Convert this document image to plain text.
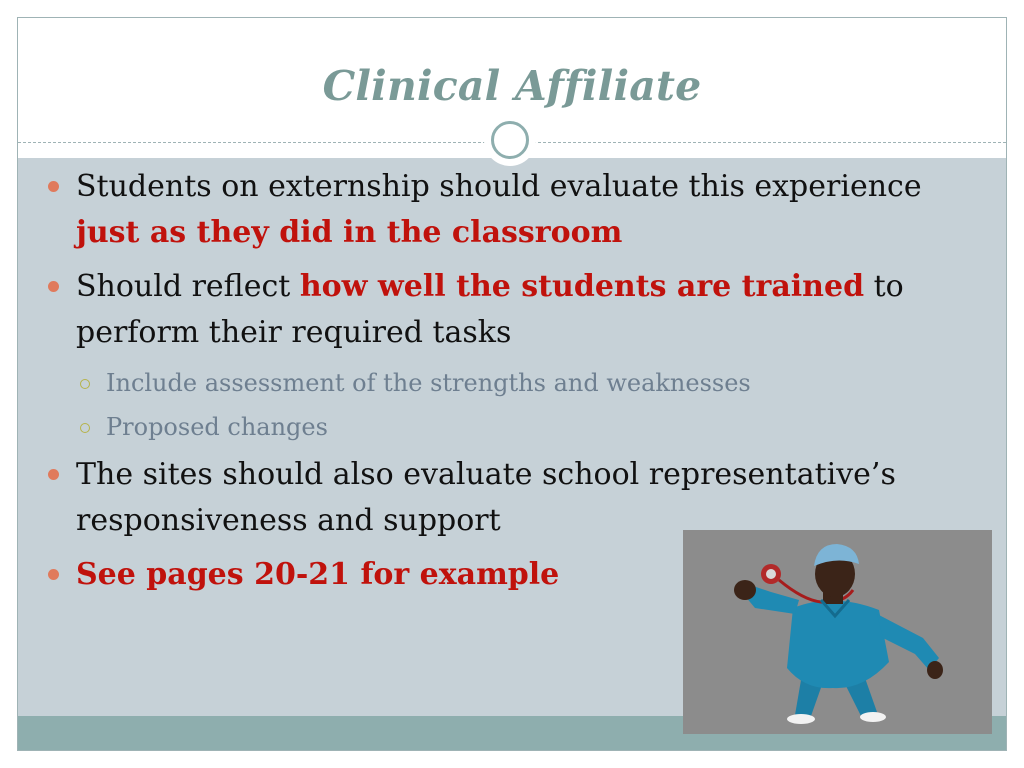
Clinical Affiliate
Students on externship should evaluate this experience just as they did in the classroom
Should reflect how well the students are trained to perform their required tasks
Include assessment of the strengths and weaknesses
Proposed changes
The sites should also evaluate school representative’s responsiveness and support
See pages 20-21 for example
